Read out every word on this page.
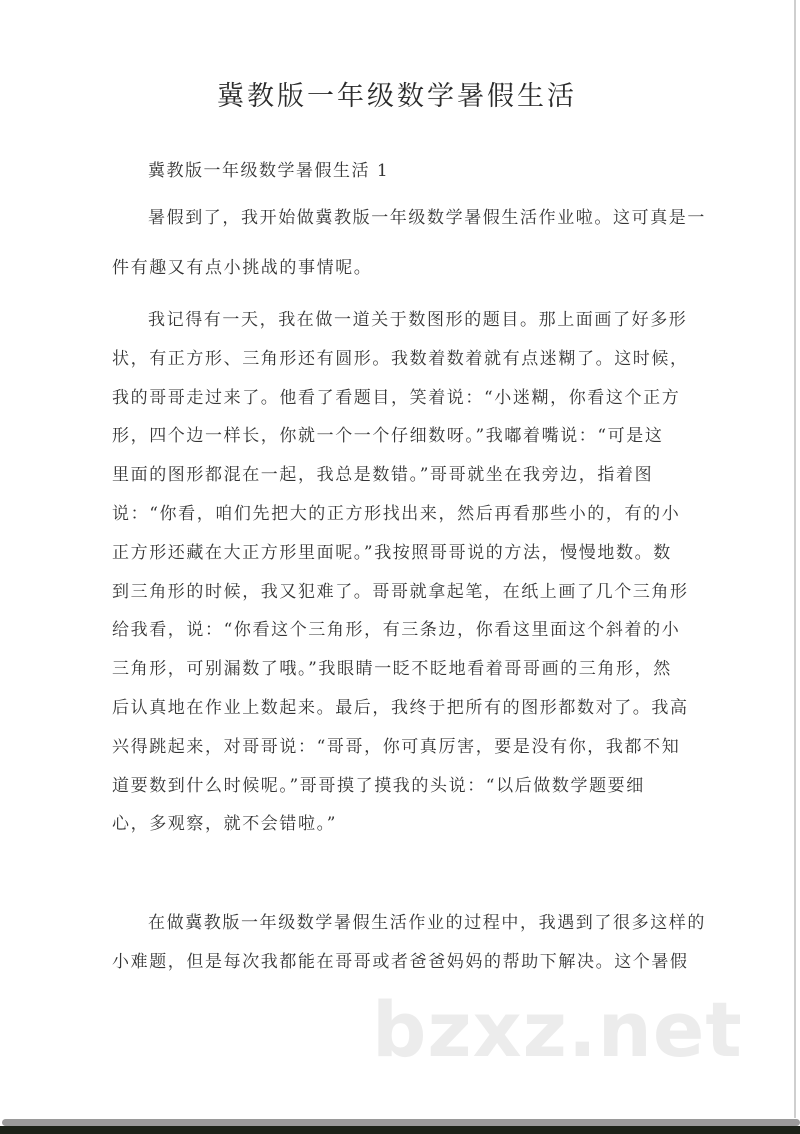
冀教版一年级数学暑假生活
冀教版一年级数学暑假生活 1
暑假到了，我开始做冀教版一年级数学暑假生活作业啦。这可真是一
件有趣又有点小挑战的事情呢。
我记得有一天，我在做一道关于数图形的题目。那上面画了好多形
状，有正方形、三角形还有圆形。我数着数着就有点迷糊了。这时候，
我的哥哥走过来了。他看了看题目，笑着说：“小迷糊，你看这个正方
形，四个边一样长，你就一个一个仔细数呀。”我嘟着嘴说：“可是这
里面的图形都混在一起，我总是数错。”哥哥就坐在我旁边，指着图
说：“你看，咱们先把大的正方形找出来，然后再看那些小的，有的小
正方形还藏在大正方形里面呢。”我按照哥哥说的方法，慢慢地数。数
到三角形的时候，我又犯难了。哥哥就拿起笔，在纸上画了几个三角形
给我看，说：“你看这个三角形，有三条边，你看这里面这个斜着的小
三角形，可别漏数了哦。”我眼睛一眨不眨地看着哥哥画的三角形，然
后认真地在作业上数起来。最后，我终于把所有的图形都数对了。我高
兴得跳起来，对哥哥说：“哥哥，你可真厉害，要是没有你，我都不知
道要数到什么时候呢。”哥哥摸了摸我的头说：“以后做数学题要细
心，多观察，就不会错啦。”
在做冀教版一年级数学暑假生活作业的过程中，我遇到了很多这样的
小难题，但是每次我都能在哥哥或者爸爸妈妈的帮助下解决。这个暑假
bzxz.net
